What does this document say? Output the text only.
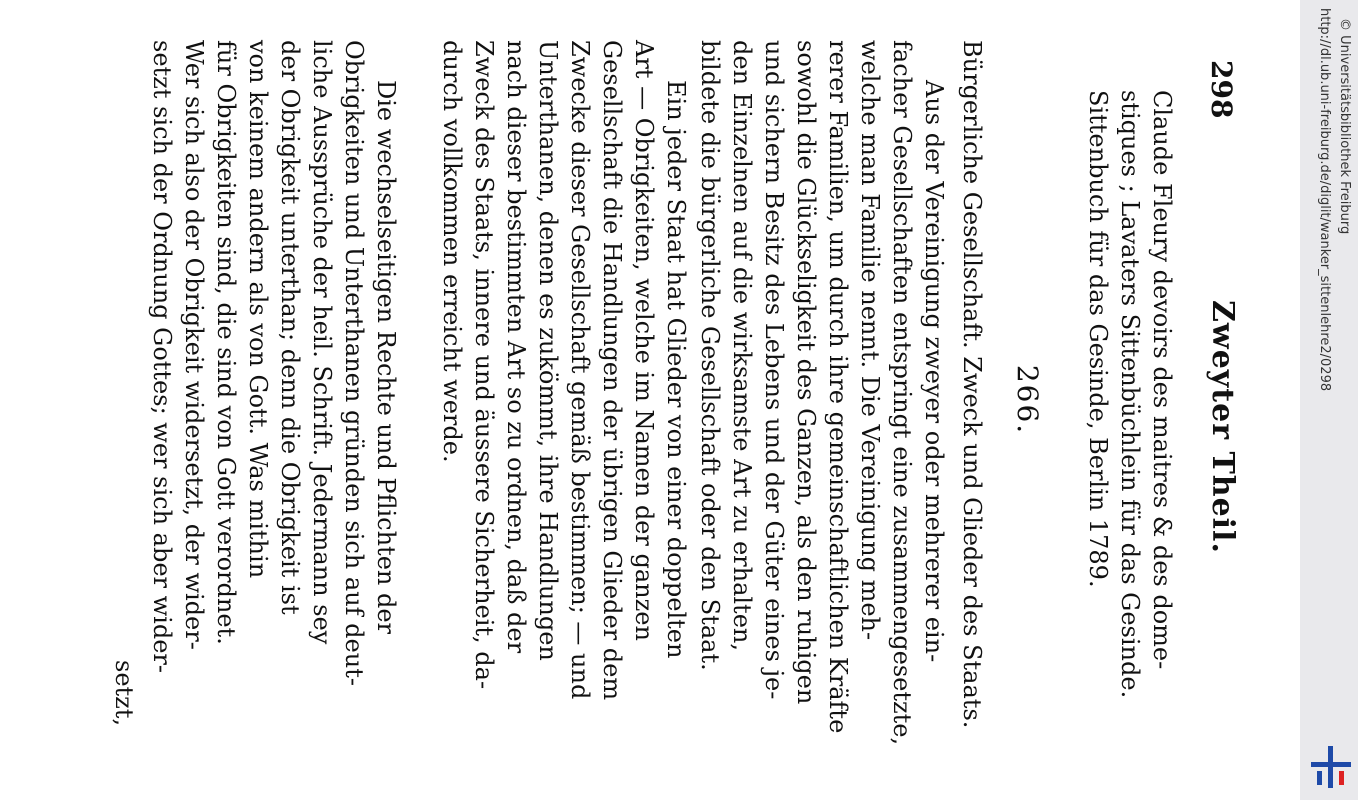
298
Zweyter Theil.
Claude Fleury devoirs des maitres & des dome-
stiques ; Lavaters Sittenbüchlein für das Gesinde.
Sittenbuch für das Gesinde, Berlin 1789.
266.
Bürgerliche Gesellschaft. Zweck und Glieder des Staats.
Aus der Vereinigung zweyer oder mehrerer ein-
facher Gesellschaften entspringt eine zusammengesetzte,
welche man Familie nennt. Die Vereinigung meh-
rerer Familien, um durch ihre gemeinschaftlichen Kräfte
sowohl die Glückseligkeit des Ganzen, als den ruhigen
und sichern Besitz des Lebens und der Güter eines je-
den Einzelnen auf die wirksamste Art zu erhalten,
bildete die bürgerliche Gesellschaft oder den Staat.
Ein jeder Staat hat Glieder von einer doppelten
Art — Obrigkeiten, welche im Namen der ganzen
Gesellschaft die Handlungen der übrigen Glieder dem
Zwecke dieser Gesellschaft gemäß bestimmen; — und
Unterthanen, denen es zukömmt, ihre Handlungen
nach dieser bestimmten Art so zu ordnen, daß der
Zweck des Staats, innere und äussere Sicherheit, da-
durch vollkommen erreicht werde.
Die wechselseitigen Rechte und Pflichten der
Obrigkeiten und Unterthanen gründen sich auf deut-
liche Aussprüche der heil. Schrift. Jedermann sey
der Obrigkeit unterthan; denn die Obrigkeit ist
von keinem andern als von Gott. Was mithin
für Obrigkeiten sind, die sind von Gott verordnet.
Wer sich also der Obrigkeit widersetzt, der wider-
setzt sich der Ordnung Gottes; wer sich aber wider-
setzt,
http://dl.ub.uni-freiburg.de/diglit/wanker_sittenlehre2/0298 © Universitätsbibliothek Freiburg
